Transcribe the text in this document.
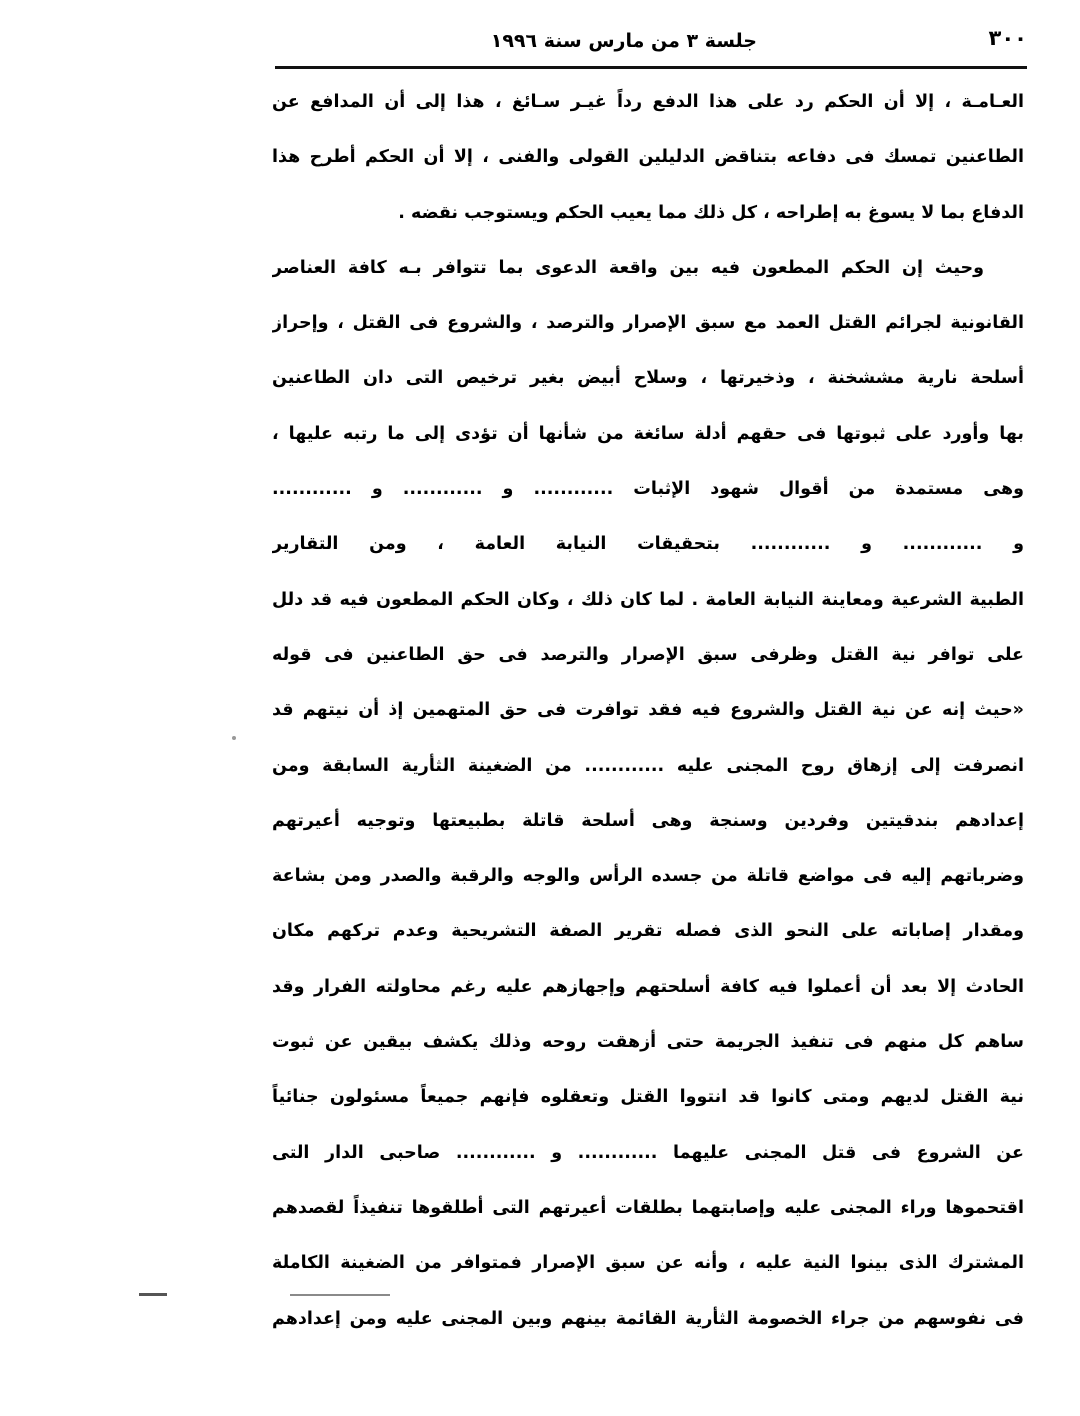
جلسة ٣ من مارس سنة ١٩٩٦	٣٠٠
العـامـة ، إلا أن الحكم رد على هذا الدفع رداً غيـر سـائغ ، هذا إلى أن المدافع عن
الطاعنين تمسك فى دفاعه بتناقض الدليلين القولى والفنى ، إلا أن الحكم أطرح هذا
الدفاع بما لا يسوغ به إطراحه ، كل ذلك مما يعيب الحكم ويستوجب نقضه .
وحيث إن الحكم المطعون فيه بين واقعة الدعوى بما تتوافر بـه كافة العناصر
القانونية لجرائم القتل العمد مع سبق الإصرار والترصد ، والشروع فى القتل ، وإحراز
أسلحة نارية مششخنة ، وذخيرتها ، وسلاح أبيض بغير ترخيص التى دان الطاعنين
بها وأورد على ثبوتها فى حقهم أدلة سائغة من شأنها أن تؤدى إلى ما رتبه عليها ،
وهى مستمدة من أقوال شهود الإثبات ............ و ............ و ............
و ............ و ............ بتحقيقات النيابة العامة ، ومن التقارير
الطبية الشرعية ومعاينة النيابة العامة . لما كان ذلك ، وكان الحكم المطعون فيه قد دلل
على توافر نية القتل وظرفى سبق الإصرار والترصد فى حق الطاعنين فى قوله
«حيث إنه عن نية القتل والشروع فيه فقد توافرت فى حق المتهمين إذ أن نيتهم قد
انصرفت إلى إزهاق روح المجنى عليه ............ من الضغينة الثأرية السابقة ومن
إعدادهم بندقيتين وفردين وسنجة وهى أسلحة قاتلة بطبيعتها وتوجيه أعيرتهم
وضرباتهم إليه فى مواضع قاتلة من جسده الرأس والوجه والرقبة والصدر ومن بشاعة
ومقدار إصاباته على النحو الذى فصله تقرير الصفة التشريحية وعدم تركهم مكان
الحادث إلا بعد أن أعملوا فيه كافة أسلحتهم وإجهازهم عليه رغم محاولته الفرار وقد
ساهم كل منهم فى تنفيذ الجريمة حتى أزهقت روحه وذلك يكشف بيقين عن ثبوت
نية القتل لديهم ومتى كانوا قد انتووا القتل وتعقلوه فإنهم جميعاً مسئولون جنائياً
عن الشروع فى قتل المجنى عليهما ............ و ............ صاحبى الدار التى
اقتحموها وراء المجنى عليه وإصابتهما بطلقات أعيرتهم التى أطلقوها تنفيذاً لقصدهم
المشترك الذى بينوا النية عليه ، وأنه عن سبق الإصرار فمتوافر من الضغينة الكاملة
فى نفوسهم من جراء الخصومة الثأرية القائمة بينهم وبين المجنى عليه ومن إعدادهم
